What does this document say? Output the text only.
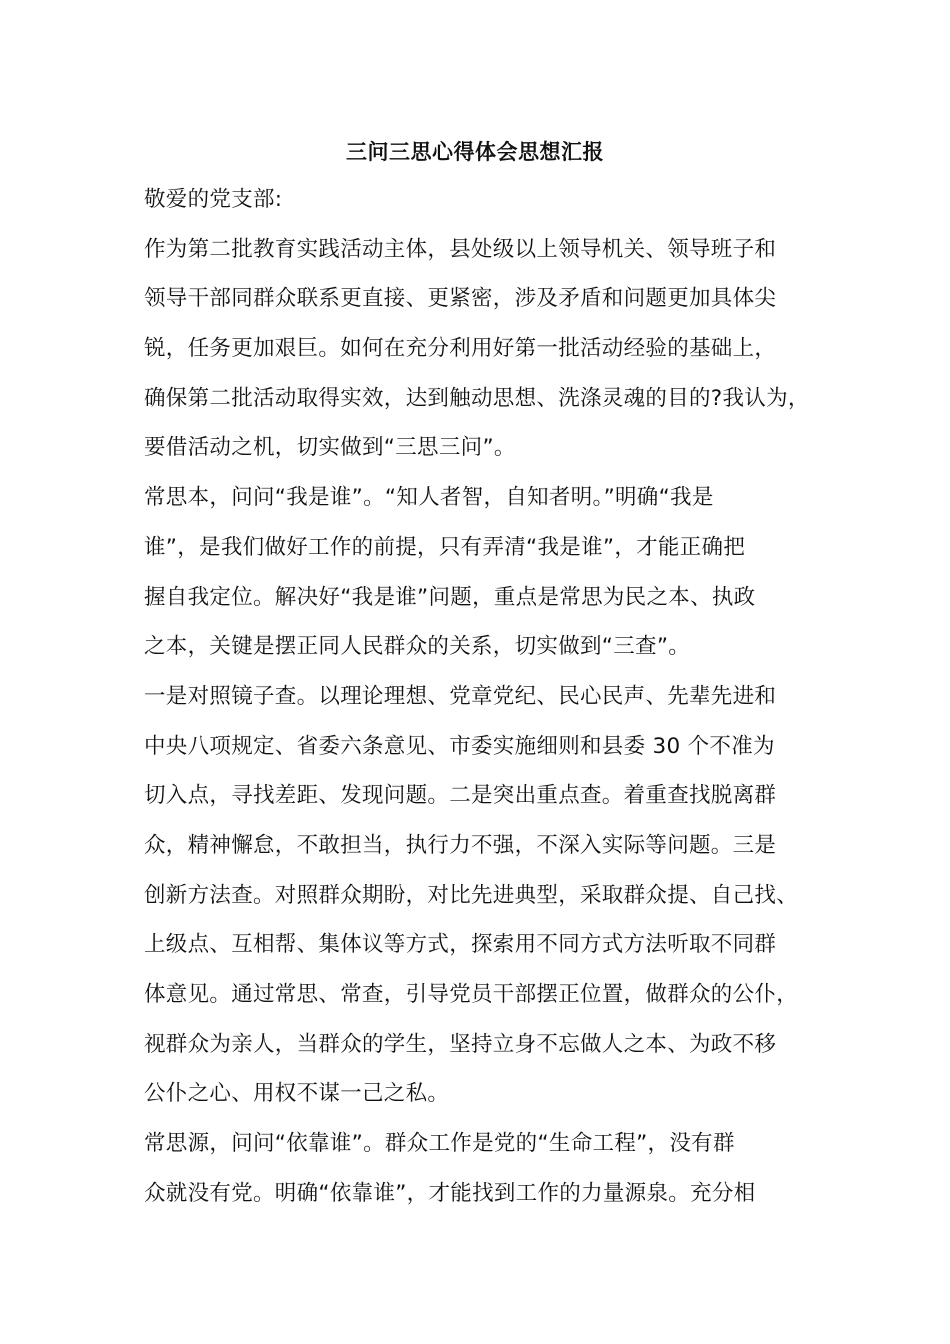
三问三思心得体会思想汇报
敬爱的党支部:
作为第二批教育实践活动主体，县处级以上领导机关、领导班子和
领导干部同群众联系更直接、更紧密，涉及矛盾和问题更加具体尖
锐，任务更加艰巨。如何在充分利用好第一批活动经验的基础上，
确保第二批活动取得实效，达到触动思想、洗涤灵魂的目的?我认为，
要借活动之机，切实做到“三思三问”。
常思本，问问“我是谁”。“知人者智，自知者明。”明确“我是
谁”，是我们做好工作的前提，只有弄清“我是谁”，才能正确把
握自我定位。解决好“我是谁”问题，重点是常思为民之本、执政
之本，关键是摆正同人民群众的关系，切实做到“三查”。
一是对照镜子查。以理论理想、党章党纪、民心民声、先辈先进和
中央八项规定、省委六条意见、市委实施细则和县委 30 个不准为
切入点，寻找差距、发现问题。二是突出重点查。着重查找脱离群
众，精神懈怠，不敢担当，执行力不强，不深入实际等问题。三是
创新方法查。对照群众期盼，对比先进典型，采取群众提、自己找、
上级点、互相帮、集体议等方式，探索用不同方式方法听取不同群
体意见。通过常思、常查，引导党员干部摆正位置，做群众的公仆，
视群众为亲人，当群众的学生，坚持立身不忘做人之本、为政不移
公仆之心、用权不谋一己之私。
常思源，问问“依靠谁”。群众工作是党的“生命工程”，没有群
众就没有党。明确“依靠谁”，才能找到工作的力量源泉。充分相
